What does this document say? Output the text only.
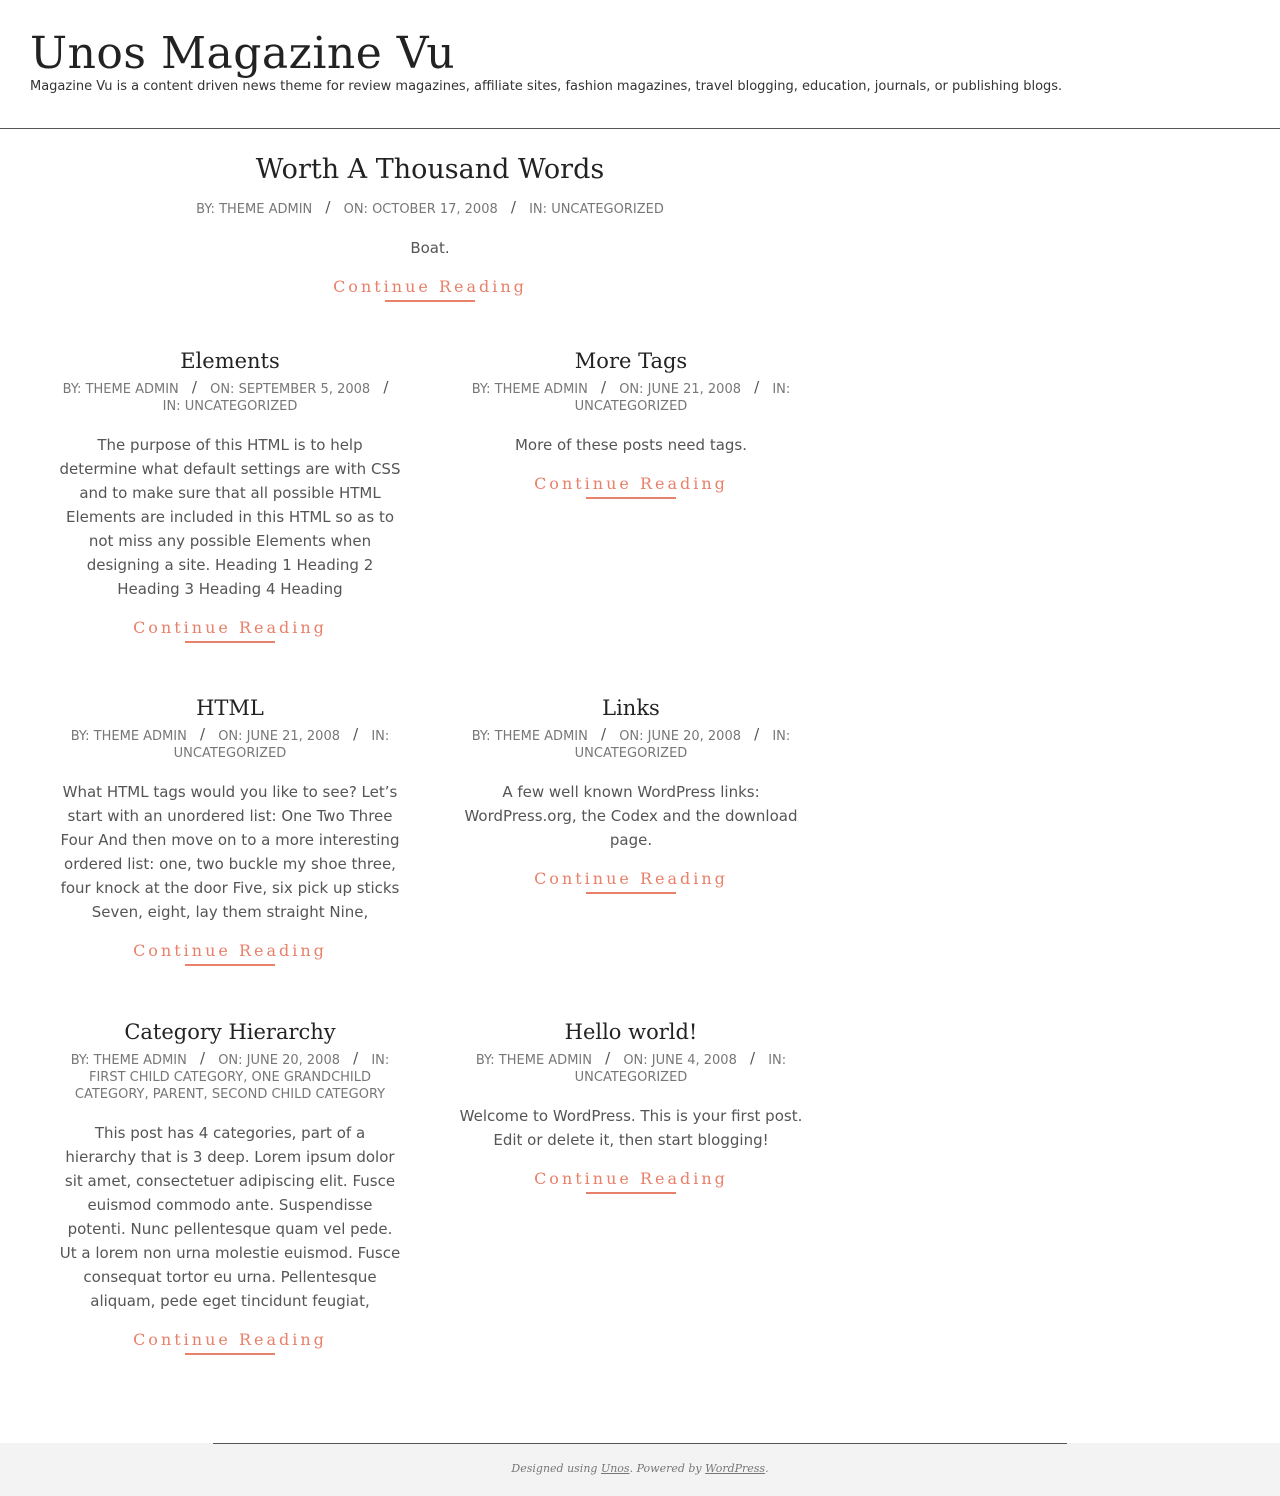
Unos Magazine Vu
Magazine Vu is a content driven news theme for review magazines, affiliate sites, fashion magazines, travel blogging, education, journals, or publishing blogs.
Worth A Thousand Words
BY: THEME ADMIN / ON: OCTOBER 17, 2008 / IN: UNCATEGORIZED

Boat.

Continue Reading
Elements
BY: THEME ADMIN / ON: SEPTEMBER 5, 2008 / IN: UNCATEGORIZED

The purpose of this HTML is to help determine what default settings are with CSS and to make sure that all possible HTML Elements are included in this HTML so as to not miss any possible Elements when designing a site. Heading 1 Heading 2 Heading 3 Heading 4 Heading

Continue Reading
More Tags
BY: THEME ADMIN / ON: JUNE 21, 2008 / IN: UNCATEGORIZED

More of these posts need tags.

Continue Reading
HTML
BY: THEME ADMIN / ON: JUNE 21, 2008 / IN: UNCATEGORIZED

What HTML tags would you like to see? Let’s start with an unordered list: One Two Three Four And then move on to a more interesting ordered list: one, two buckle my shoe three, four knock at the door Five, six pick up sticks Seven, eight, lay them straight Nine,

Continue Reading
Links
BY: THEME ADMIN / ON: JUNE 20, 2008 / IN: UNCATEGORIZED

A few well known WordPress links: WordPress.org, the Codex and the download page.

Continue Reading
Category Hierarchy
BY: THEME ADMIN / ON: JUNE 20, 2008 / IN: FIRST CHILD CATEGORY, ONE GRANDCHILD CATEGORY, PARENT, SECOND CHILD CATEGORY

This post has 4 categories, part of a hierarchy that is 3 deep. Lorem ipsum dolor sit amet, consectetuer adipiscing elit. Fusce euismod commodo ante. Suspendisse potenti. Nunc pellentesque quam vel pede. Ut a lorem non urna molestie euismod. Fusce consequat tortor eu urna. Pellentesque aliquam, pede eget tincidunt feugiat,

Continue Reading
Hello world!
BY: THEME ADMIN / ON: JUNE 4, 2008 / IN: UNCATEGORIZED

Welcome to WordPress. This is your first post. Edit or delete it, then start blogging!

Continue Reading
Designed using Unos. Powered by WordPress.
